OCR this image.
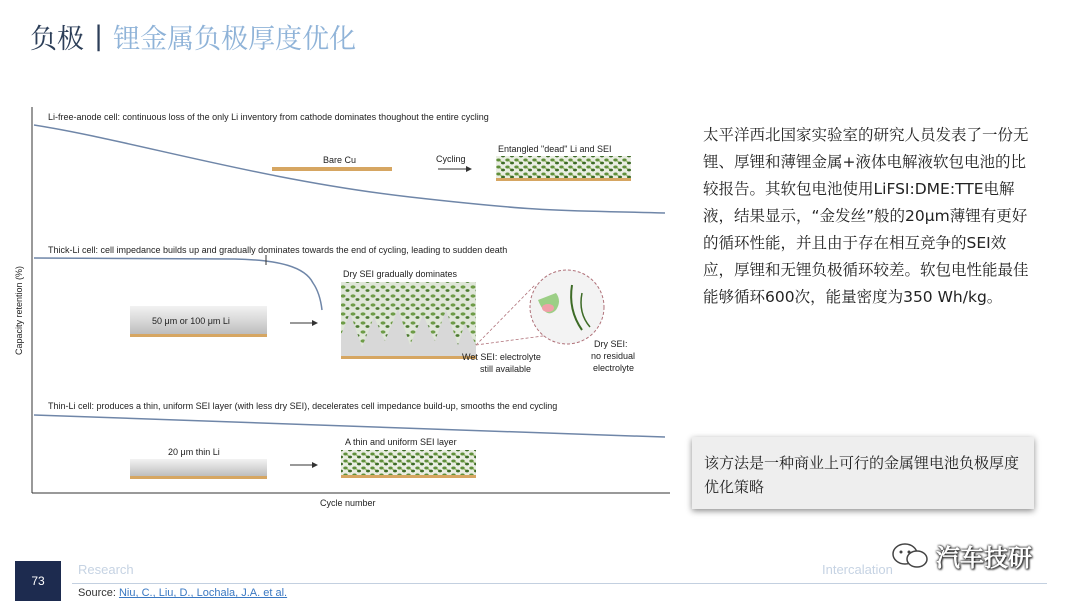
负极 | 锂金属负极厚度优化
Capacity retention (%)
Cycle number
Li-free-anode cell: continuous loss of the only Li inventory from cathode dominates thoughout the entire cycling
Bare Cu	Cycling
Entangled "dead" Li and SEI
Thick-Li cell: cell impedance builds up and gradually dominates towards the end of cycling, leading to sudden death
50 μm or 100 μm Li
Dry SEI gradually dominates
Wet SEI: electrolyte
still available
Dry SEI:
no residual
electrolyte
Thin-Li cell: produces a thin, uniform SEI layer (with less dry SEI), decelerates cell impedance build-up, smooths the end cycling
20 μm thin Li
A thin and uniform SEI layer
太平洋西北国家实验室的研究人员发表了一份无锂、厚锂和薄锂金属+液体电解液软包电池的比较报告。其软包电池使用LiFSI:DME:TTE电解液，结果显示，“金发丝”般的20μm薄锂有更好的循环性能，并且由于存在相互竞争的SEI效应，厚锂和无锂负极循环较差。软包电性能最佳能够循环600次，能量密度为350 Wh/kg。
该方法是一种商业上可行的金属锂电池负极厚度优化策略
73
Research	Intercalation
Source: Niu, C., Liu, D., Lochala, J.A. et al.
汽车技研
